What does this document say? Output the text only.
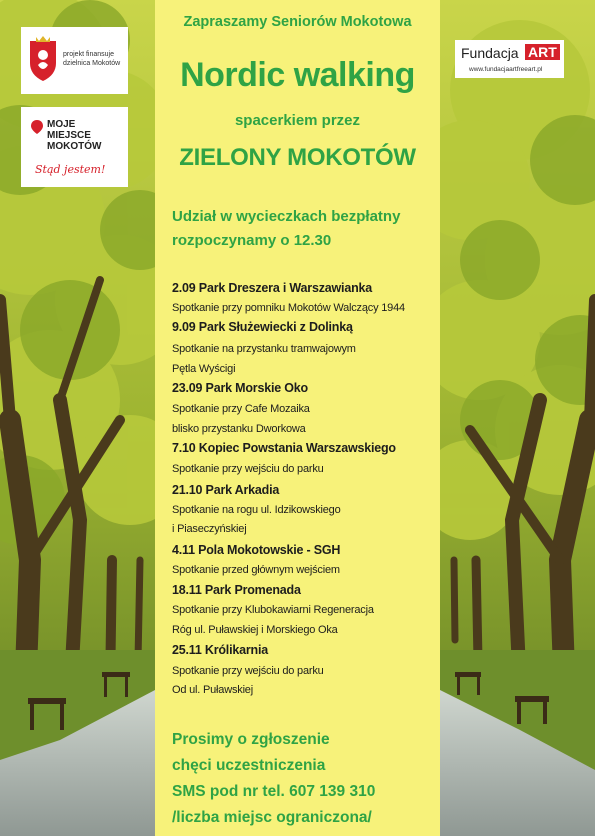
Zapraszamy Seniorów Mokotowa

Nordic walking

spacerkiem przez

ZIELONY MOKOTÓW

Udział w wycieczkach bezpłatny

rozpoczynamy o 12.30

2.09 Park Dreszera i Warszawianka

Spotkanie przy pomniku Mokotów Walczący 1944

9.09 Park Służewiecki z Dolinką

Spotkanie na przystanku tramwajowym

Pętla Wyścigi

23.09 Park Morskie Oko

Spotkanie przy Cafe Mozaika

blisko przystanku Dworkowa

7.10 Kopiec Powstania Warszawskiego

Spotkanie przy wejściu do parku

21.10 Park Arkadia

Spotkanie na rogu ul. Idzikowskiego

i Piaseczyńskiej

4.11 Pola Mokotowskie - SGH

Spotkanie przed głównym wejściem

18.11 Park Promenada

Spotkanie przy Klubokawiarni Regeneracja

Róg ul. Puławskiej i Morskiego Oka

25.11 Królikarnia

Spotkanie przy wejściu do parku

Od ul. Puławskiej

Prosimy o zgłoszenie

chęci uczestniczenia

SMS pod nr tel. 607 139 310

/liczba miejsc ograniczona/

projekt finansuje dzielnica Mokotów
MOJE MIEJSCE MOKOTÓW
Stąd jestem!
Fundacja ART
www.fundacjaartfreeart.pl
